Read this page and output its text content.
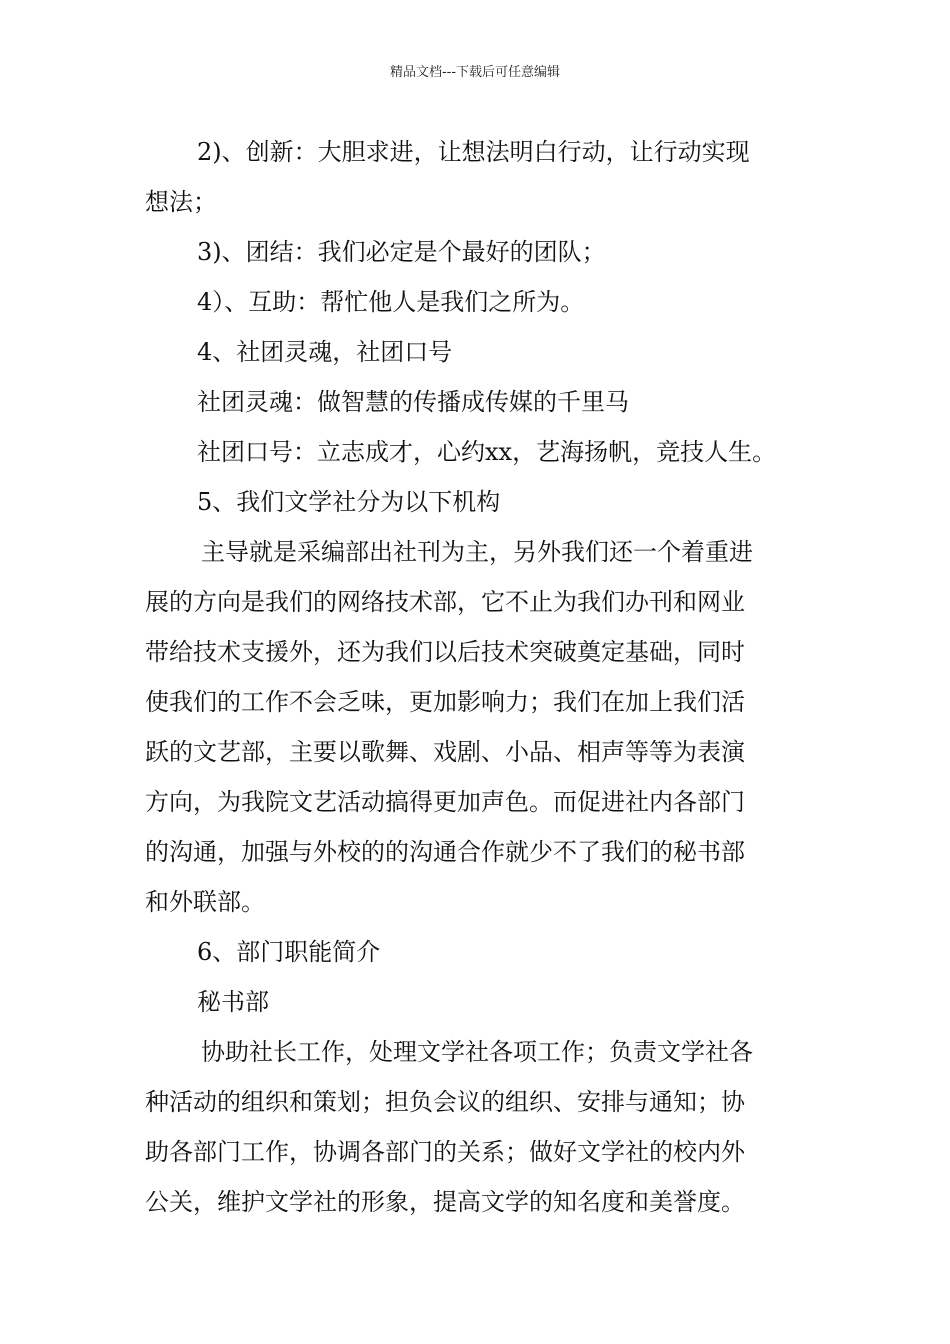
精品文档---下载后可任意编辑

2)、创新：大胆求进，让想法明白行动，让行动实现

想法；

3)、团结：我们必定是个最好的团队；

4）、互助：帮忙他人是我们之所为。

4、社团灵魂，社团口号

社团灵魂：做智慧的传播成传媒的千里马

社团口号：立志成才，心约xx，艺海扬帆，竞技人生。

5、我们文学社分为以下机构

主导就是采编部出社刊为主，另外我们还一个着重进

展的方向是我们的网络技术部，它不止为我们办刊和网业

带给技术支援外，还为我们以后技术突破奠定基础，同时

使我们的工作不会乏味，更加影响力；我们在加上我们活

跃的文艺部，主要以歌舞、戏剧、小品、相声等等为表演

方向，为我院文艺活动搞得更加声色。而促进社内各部门

的沟通，加强与外校的的沟通合作就少不了我们的秘书部

和外联部。

6、部门职能简介

秘书部

协助社长工作，处理文学社各项工作；负责文学社各

种活动的组织和策划；担负会议的组织、安排与通知；协

助各部门工作，协调各部门的关系；做好文学社的校内外

公关，维护文学社的形象，提高文学的知名度和美誉度。
